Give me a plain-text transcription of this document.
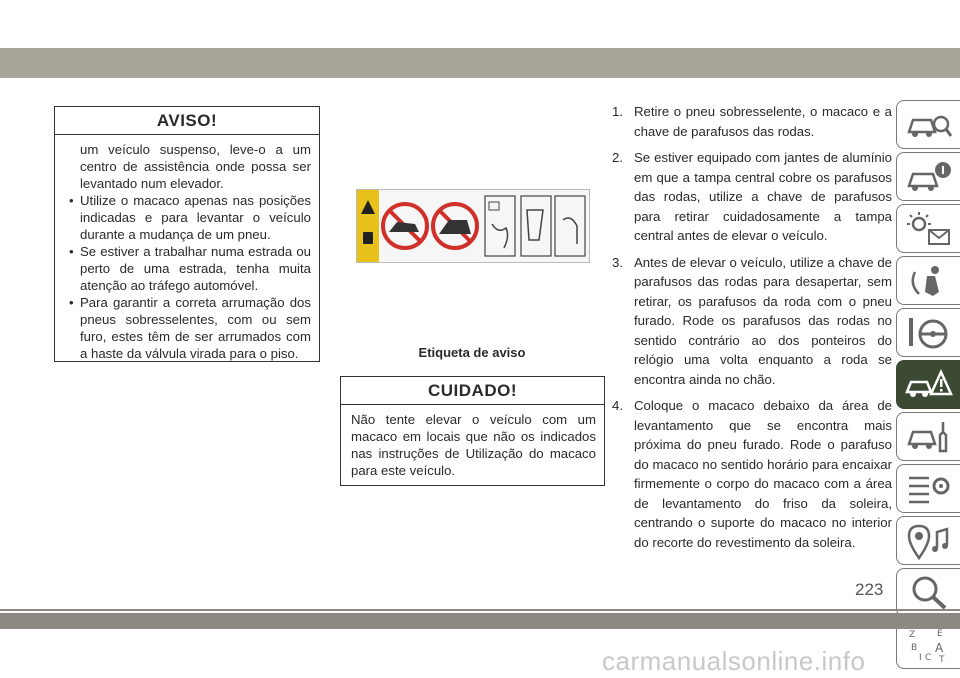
AVISO!

um veículo suspenso, leve-o a um centro de assistência onde possa ser levantado num elevador.

• Utilize o macaco apenas nas posições indicadas e para levantar o veículo durante a mudança de um pneu.

• Se estiver a trabalhar numa estrada ou perto de uma estrada, tenha muita atenção ao tráfego automóvel.

• Para garantir a correta arrumação dos pneus sobresselentes, com ou sem furo, estes têm de ser arrumados com a haste da válvula virada para o piso.	Etiqueta de aviso
CUIDADO!

Não tente elevar o veículo com um macaco em locais que não os indicados nas instruções de Utilização do macaco para este veículo.

1. Retire o pneu sobresselente, o macaco e a chave de parafusos das rodas.
2. Se estiver equipado com jantes de alumínio em que a tampa central cobre os parafusos das rodas, utilize a chave de parafusos para retirar cuidadosamente a tampa central antes de elevar o veículo.
3. Antes de elevar o veículo, utilize a chave de parafusos das rodas para desapertar, sem retirar, os parafusos da roda com o pneu furado. Rode os parafusos das rodas no sentido contrário ao dos ponteiros do relógio uma volta enquanto a roda se encontra ainda no chão.
4. Coloque o macaco debaixo da área de levantamento que se encontra mais próxima do pneu furado. Rode o parafuso do macaco no sentido horário para encaixar firmemente o corpo do macaco com a área de levantamento do friso da soleira, centrando o suporte do macaco no interior do recorte do revestimento da soleira.
Z E
B A
I C T
223
carmanualsonline.info
